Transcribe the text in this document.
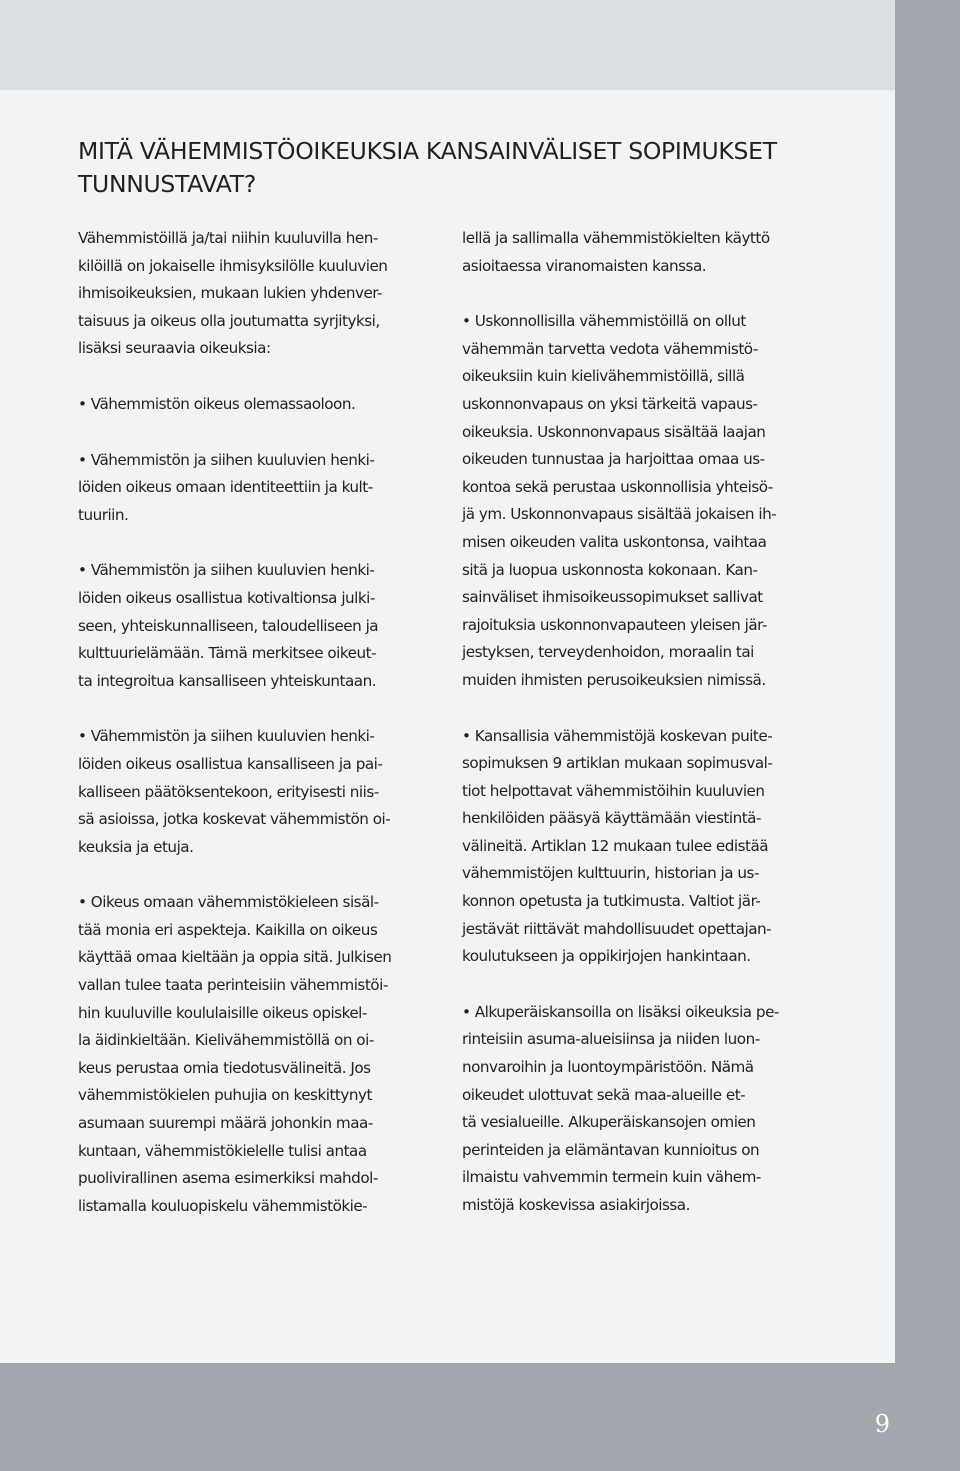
9
MITÄ VÄHEMMISTÖOIKEUKSIA KANSAINVÄLISET SOPIMUKSET TUNNUSTAVAT?

Vähemmistöillä ja/tai niihin kuuluvilla hen-
kilöillä on jokaiselle ihmisyksilölle kuuluvien
ihmisoikeuksien, mukaan lukien yhdenver-
taisuus ja oikeus olla joutumatta syrjityksi,
lisäksi seuraavia oikeuksia:

• Vähemmistön oikeus olemassaoloon.

• Vähemmistön ja siihen kuuluvien henki-
löiden oikeus omaan identiteettiin ja kult-
tuuriin.

• Vähemmistön ja siihen kuuluvien henki-
löiden oikeus osallistua kotivaltionsa julki-
seen, yhteiskunnalliseen, taloudelliseen ja
kulttuurielämään. Tämä merkitsee oikeut-
ta integroitua kansalliseen yhteiskuntaan.

• Vähemmistön ja siihen kuuluvien henki-
löiden oikeus osallistua kansalliseen ja pai-
kalliseen päätöksentekoon, erityisesti niis-
sä asioissa, jotka koskevat vähemmistön oi-
keuksia ja etuja.

• Oikeus omaan vähemmistökieleen sisäl-
tää monia eri aspekteja. Kaikilla on oikeus
käyttää omaa kieltään ja oppia sitä. Julkisen
vallan tulee taata perinteisiin vähemmistöi-
hin kuuluville koululaisille oikeus opiskel-
la äidinkieltään. Kielivähemmistöllä on oi-
keus perustaa omia tiedotusvälineitä. Jos
vähemmistökielen puhujia on keskittynyt
asumaan suurempi määrä johonkin maa-
kuntaan, vähemmistökielelle tulisi antaa
puolivirallinen asema esimerkiksi mahdol-
listamalla kouluopiskelu vähemmistökie-

lellä ja sallimalla vähemmistökielten käyttö
asioitaessa viranomaisten kanssa.

• Uskonnollisilla vähemmistöillä on ollut
vähemmän tarvetta vedota vähemmistö-
oikeuksiin kuin kielivähemmistöillä, sillä
uskonnonvapaus on yksi tärkeitä vapaus-
oikeuksia. Uskonnonvapaus sisältää laajan
oikeuden tunnustaa ja harjoittaa omaa us-
kontoa sekä perustaa uskonnollisia yhteisö-
jä ym. Uskonnonvapaus sisältää jokaisen ih-
misen oikeuden valita uskontonsa, vaihtaa
sitä ja luopua uskonnosta kokonaan. Kan-
sainväliset ihmisoikeussopimukset sallivat
rajoituksia uskonnonvapauteen yleisen jär-
jestyksen, terveydenhoidon, moraalin tai
muiden ihmisten perusoikeuksien nimissä.

• Kansallisia vähemmistöjä koskevan puite-
sopimuksen 9 artiklan mukaan sopimusval-
tiot helpottavat vähemmistöihin kuuluvien
henkilöiden pääsyä käyttämään viestintä-
välineitä. Artiklan 12 mukaan tulee edistää
vähemmistöjen kulttuurin, historian ja us-
konnon opetusta ja tutkimusta. Valtiot jär-
jestävät riittävät mahdollisuudet opettajan-
koulutukseen ja oppikirjojen hankintaan.

• Alkuperäiskansoilla on lisäksi oikeuksia pe-
rinteisiin asuma-alueisiinsa ja niiden luon-
nonvaroihin ja luontoympäristöön. Nämä
oikeudet ulottuvat sekä maa-alueille et-
tä vesialueille. Alkuperäiskansojen omien
perinteiden ja elämäntavan kunnioitus on
ilmaistu vahvemmin termein kuin vähem-
mistöjä koskevissa asiakirjoissa.
